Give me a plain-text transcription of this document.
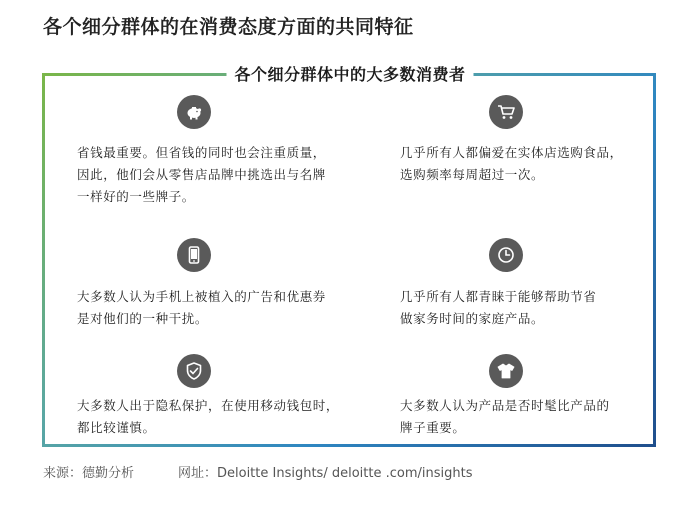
各个细分群体的在消费态度方面的共同特征
各个细分群体中的大多数消费者
省钱最重要。但省钱的同时也会注重质量，
因此，他们会从零售店品牌中挑选出与名牌
一样好的一些牌子。
几乎所有人都偏爱在实体店选购食品，
选购频率每周超过一次。
大多数人认为手机上被植入的广告和优惠券
是对他们的一种干扰。
几乎所有人都青睐于能够帮助节省
做家务时间的家庭产品。
大多数人出于隐私保护，在使用移动钱包时，
都比较谨慎。
大多数人认为产品是否时髦比产品的
牌子重要。
来源：德勤分析	网址：Deloitte Insights/ deloitte .com/insights
